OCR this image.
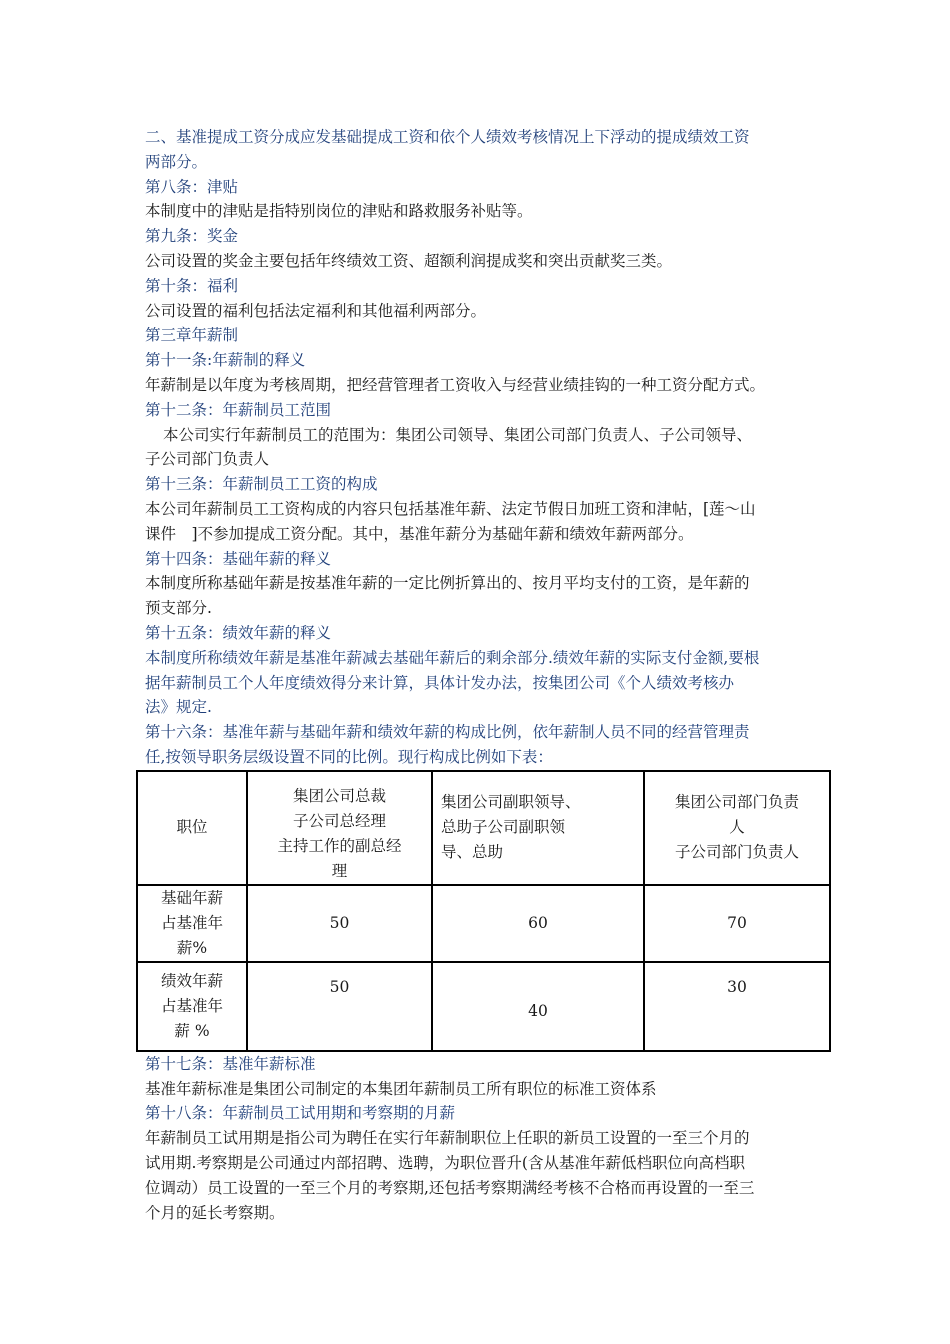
二、基准提成工资分成应发基础提成工资和依个人绩效考核情况上下浮动的提成绩效工资

两部分。

第八条：津贴

本制度中的津贴是指特别岗位的津贴和路救服务补贴等。

第九条：奖金

公司设置的奖金主要包括年终绩效工资、超额利润提成奖和突出贡献奖三类。

第十条：福利

公司设置的福利包括法定福利和其他福利两部分。

第三章年薪制

第十一条:年薪制的释义

年薪制是以年度为考核周期，把经营管理者工资收入与经营业绩挂钩的一种工资分配方式。

第十二条：年薪制员工范围

本公司实行年薪制员工的范围为：集团公司领导、集团公司部门负责人、子公司领导、

子公司部门负责人

第十三条：年薪制员工工资的构成

本公司年薪制员工工资构成的内容只包括基准年薪、法定节假日加班工资和津帖，[莲～山

课件　]不参加提成工资分配。其中，基准年薪分为基础年薪和绩效年薪两部分。

第十四条：基础年薪的释义

本制度所称基础年薪是按基准年薪的一定比例折算出的、按月平均支付的工资，是年薪的

预支部分.

第十五条：绩效年薪的释义

本制度所称绩效年薪是基准年薪减去基础年薪后的剩余部分.绩效年薪的实际支付金额,要根

据年薪制员工个人年度绩效得分来计算，具体计发办法，按集团公司《个人绩效考核办

法》规定.

第十六条：基准年薪与基础年薪和绩效年薪的构成比例，依年薪制人员不同的经营管理责

任,按领导职务层级设置不同的比例。现行构成比例如下表：

职位	集团公司总裁
子公司总经理
主持工作的副总经
理	集团公司副职领导、
总助子公司副职领
导、总助	集团公司部门负责
人
子公司部门负责人

基础年薪
占基准年
薪%	50	60	70

绩效年薪
占基准年
薪 %	50	40	30

第十七条：基准年薪标准

基准年薪标准是集团公司制定的本集团年薪制员工所有职位的标准工资体系

第十八条：年薪制员工试用期和考察期的月薪

年薪制员工试用期是指公司为聘任在实行年薪制职位上任职的新员工设置的一至三个月的

试用期.考察期是公司通过内部招聘、选聘，为职位晋升(含从基准年薪低档职位向高档职

位调动）员工设置的一至三个月的考察期,还包括考察期满经考核不合格而再设置的一至三

个月的延长考察期。
